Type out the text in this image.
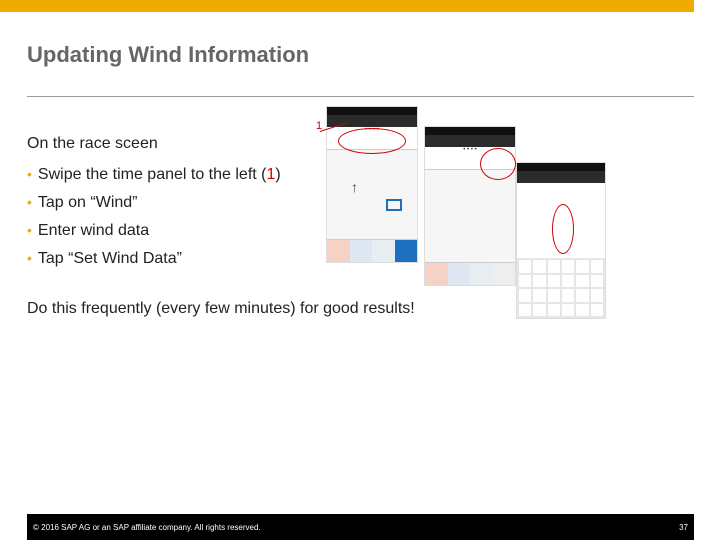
Updating Wind Information
On the race sceen
• Swipe the time panel to the left (1)
• Tap on “Wind”
• Enter wind data
• Tap “Set Wind Data”
Do this frequently (every few minutes) for good results!
• • • •
↑
1
• • • •
© 2016 SAP AG or an SAP affiliate company. All rights reserved.	37
